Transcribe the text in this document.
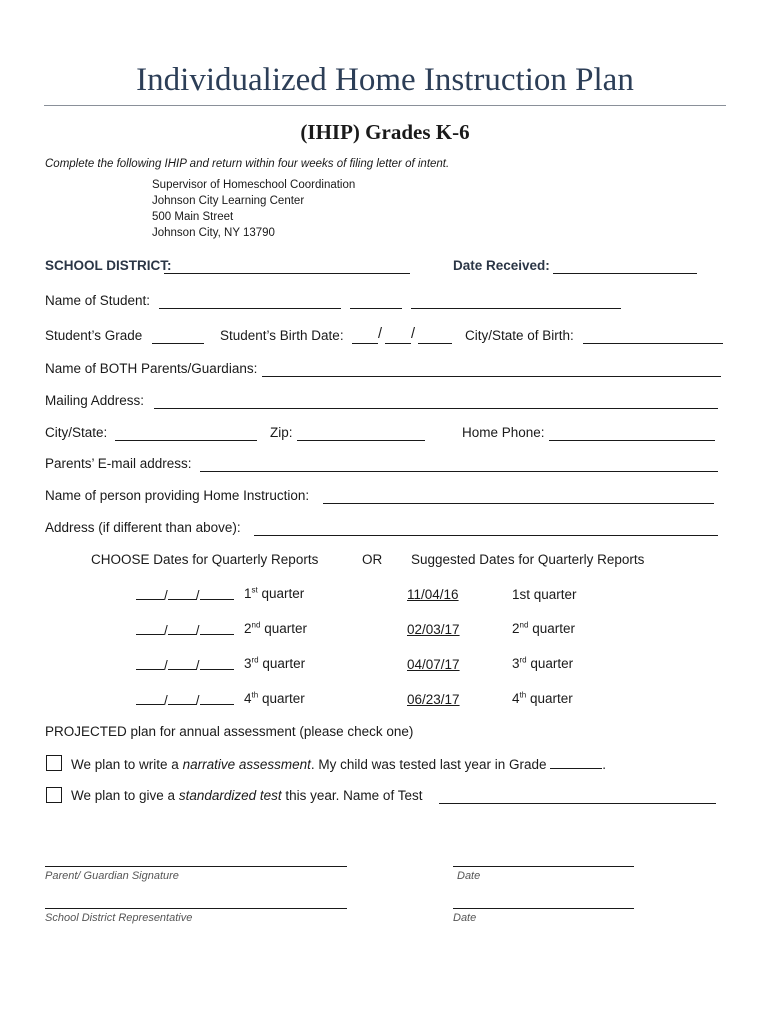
Individualized Home Instruction Plan
(IHIP) Grades K-6
Complete the following IHIP and return within four weeks of filing letter of intent.
Supervisor of Homeschool Coordination
Johnson City Learning Center
500 Main Street
Johnson City, NY 13790
SCHOOL DISTRICT:	Date Received:
Name of Student:
Student’s Grade	Student’s Birth Date: / /	City/State of Birth:
Name of BOTH Parents/Guardians:
Mailing Address:
City/State:	Zip:	Home Phone:
Parents’ E-mail address:
Name of person providing Home Instruction:
Address (if different than above):
CHOOSE Dates for Quarterly Reports	OR Suggested Dates for Quarterly Reports
/ /	1st quarter	11/04/16	1st quarter
/ /	2nd quarter	02/03/17	2nd quarter
/ /	3rd quarter	04/07/17	3rd quarter
/ /	4th quarter	06/23/17	4th quarter
PROJECTED plan for annual assessment (please check one)
We plan to write a narrative assessment. My child was tested last year in Grade	.
We plan to give a standardized test this year. Name of Test
Parent/ Guardian Signature	Date
School District Representative	Date
